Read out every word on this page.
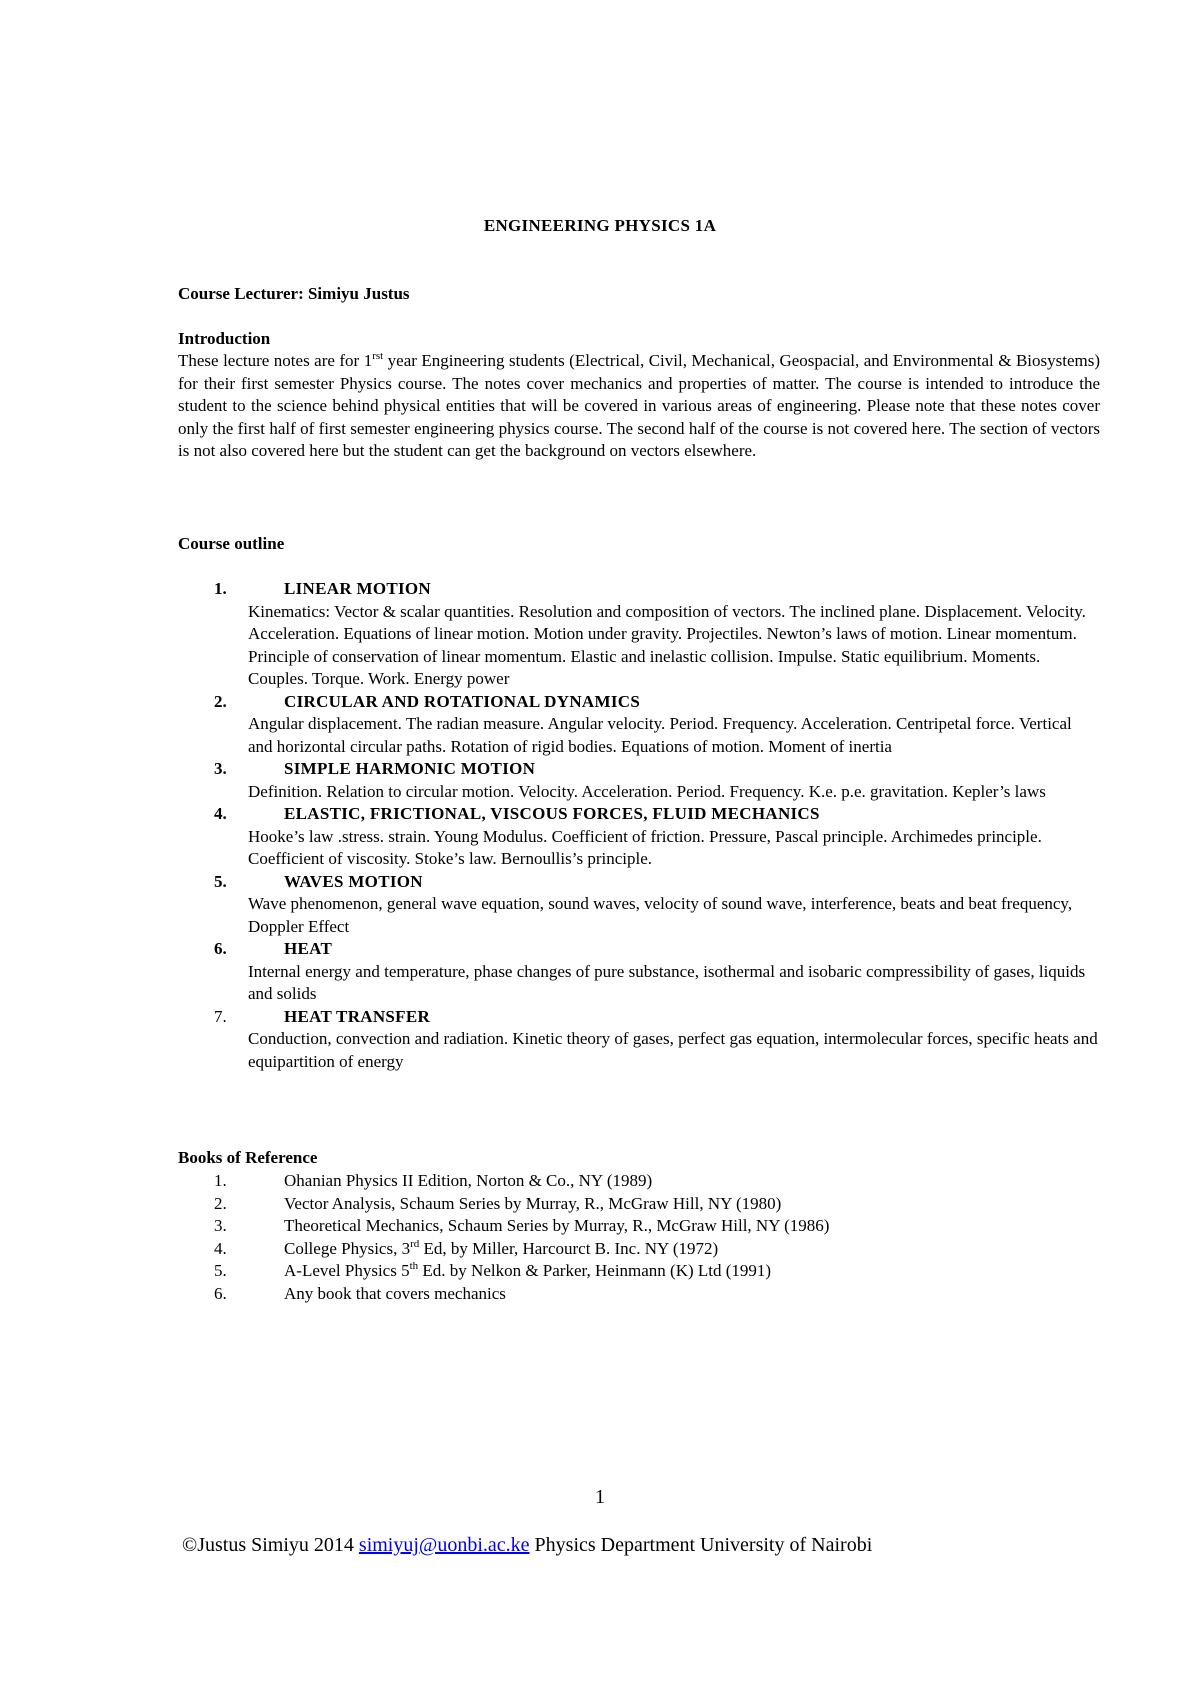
ENGINEERING PHYSICS 1A
Course Lecturer: Simiyu Justus
Introduction
These lecture notes are for $1^{rst}$ year Engineering students (Electrical, Civil, Mechanical, Geospacial, and Environmental & Biosystems) for their first semester Physics course. The notes cover mechanics and properties of matter. The course is intended to introduce the student to the science behind physical entities that will be covered in various areas of engineering. Please note that these notes cover only the first half of first semester engineering physics course. The second half of the course is not covered here. The section of vectors is not also covered here but the student can get the background on vectors elsewhere.
Course outline
1.	LINEAR MOTION
Kinematics: Vector & scalar quantities. Resolution and composition of vectors. The inclined plane. Displacement. Velocity. Acceleration. Equations of linear motion. Motion under gravity. Projectiles. Newton’s laws of motion. Linear momentum. Principle of conservation of linear momentum. Elastic and inelastic collision. Impulse. Static equilibrium. Moments. Couples. Torque. Work. Energy power
2.	CIRCULAR AND ROTATIONAL DYNAMICS
Angular displacement. The radian measure. Angular velocity. Period. Frequency. Acceleration. Centripetal force. Vertical and horizontal circular paths. Rotation of rigid bodies. Equations of motion. Moment of inertia
3.	SIMPLE HARMONIC MOTION
Definition. Relation to circular motion. Velocity. Acceleration. Period. Frequency. K.e. p.e. gravitation. Kepler’s laws
4.	ELASTIC, FRICTIONAL, VISCOUS FORCES, FLUID MECHANICS
Hooke’s law .stress. strain. Young Modulus. Coefficient of friction. Pressure, Pascal principle. Archimedes principle. Coefficient of viscosity. Stoke’s law. Bernoullis’s principle.
5.	WAVES MOTION
Wave phenomenon, general wave equation, sound waves, velocity of sound wave, interference, beats and beat frequency, Doppler Effect
6.	HEAT
Internal energy and temperature, phase changes of pure substance, isothermal and isobaric compressibility of gases, liquids and solids
7.	HEAT TRANSFER
Conduction, convection and radiation. Kinetic theory of gases, perfect gas equation, intermolecular forces, specific heats and equipartition of energy
Books of Reference
1.	Ohanian Physics II Edition, Norton & Co., NY (1989)
2.	Vector Analysis, Schaum Series by Murray, R., McGraw Hill, NY (1980)
3.	Theoretical Mechanics, Schaum Series by Murray, R., McGraw Hill, NY (1986)
4.	College Physics, 3rd Ed, by Miller, Harcourct B. Inc. NY (1972)
5.	A-Level Physics 5th Ed. by Nelkon & Parker, Heinmann (K) Ltd (1991)
6.	Any book that covers mechanics
1
©Justus Simiyu 2014 simiyuj@uonbi.ac.ke Physics Department University of Nairobi
